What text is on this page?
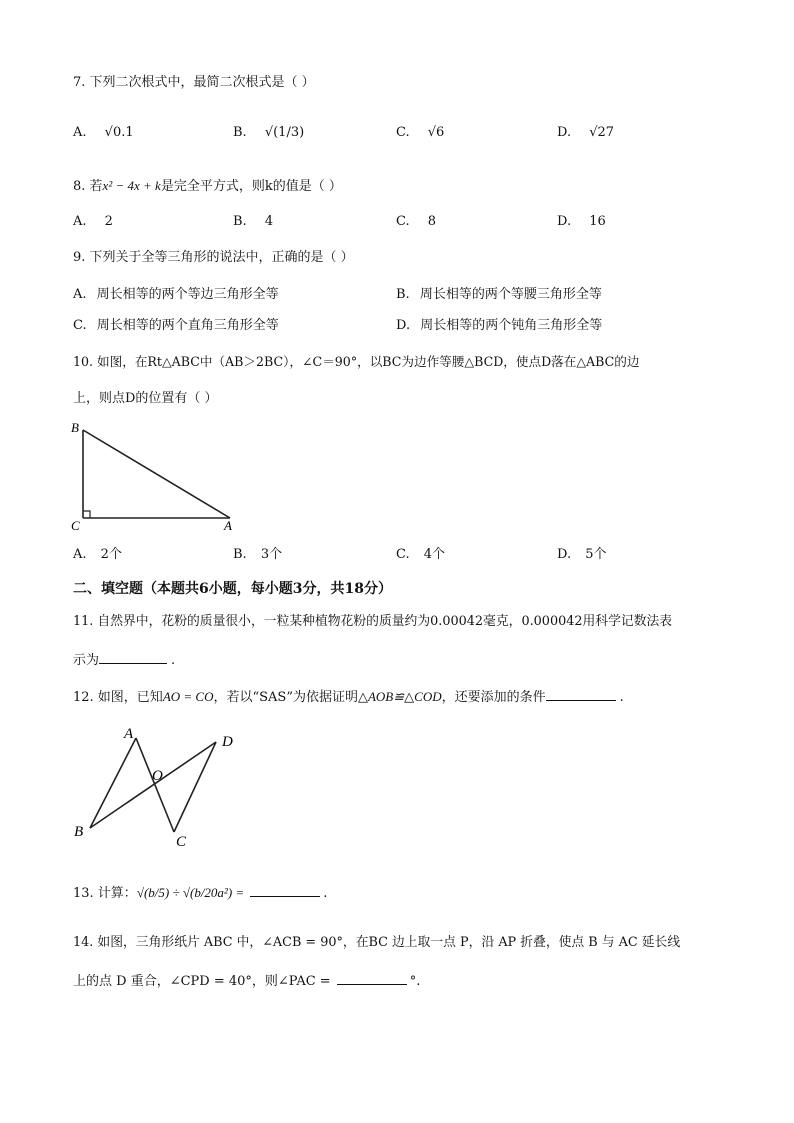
7. 下列二次根式中，最简二次根式是（ ）
A. √0.1	B. √(1/3)	C. √6	D. √27
8. 若x² − 4x + k是完全平方式，则k的值是（ ）
A. 2	B. 4	C. 8	D. 16
9. 下列关于全等三角形的说法中，正确的是（ ）
A. 周长相等的两个等边三角形全等	B. 周长相等的两个等腰三角形全等
C. 周长相等的两个直角三角形全等	D. 周长相等的两个钝角三角形全等
10. 如图，在Rt△ABC中（AB＞2BC），∠C＝90°，以BC为边作等腰△BCD，使点D落在△ABC的边
上，则点D的位置有（ ）
B
C	A
A. 2个	B. 3个	C. 4个	D. 5个
二、填空题（本题共6小题，每小题3分，共18分）
11. 自然界中，花粉的质量很小，一粒某种植物花粉的质量约为0.00042毫克，0.000042用科学记数法表
示为	.
12. 如图，已知AO = CO，若以“SAS”为依据证明△AOB≌△COD，还要添加的条件	.
A	D
O
B
C
13. 计算：√(b/5) ÷ √(b/20a²) =	.
14. 如图，三角形纸片 ABC 中，∠ACB = 90°，在BC 边上取一点 P，沿 AP 折叠，使点 B 与 AC 延长线
上的点 D 重合，∠CPD = 40°，则∠PAC =	°.
